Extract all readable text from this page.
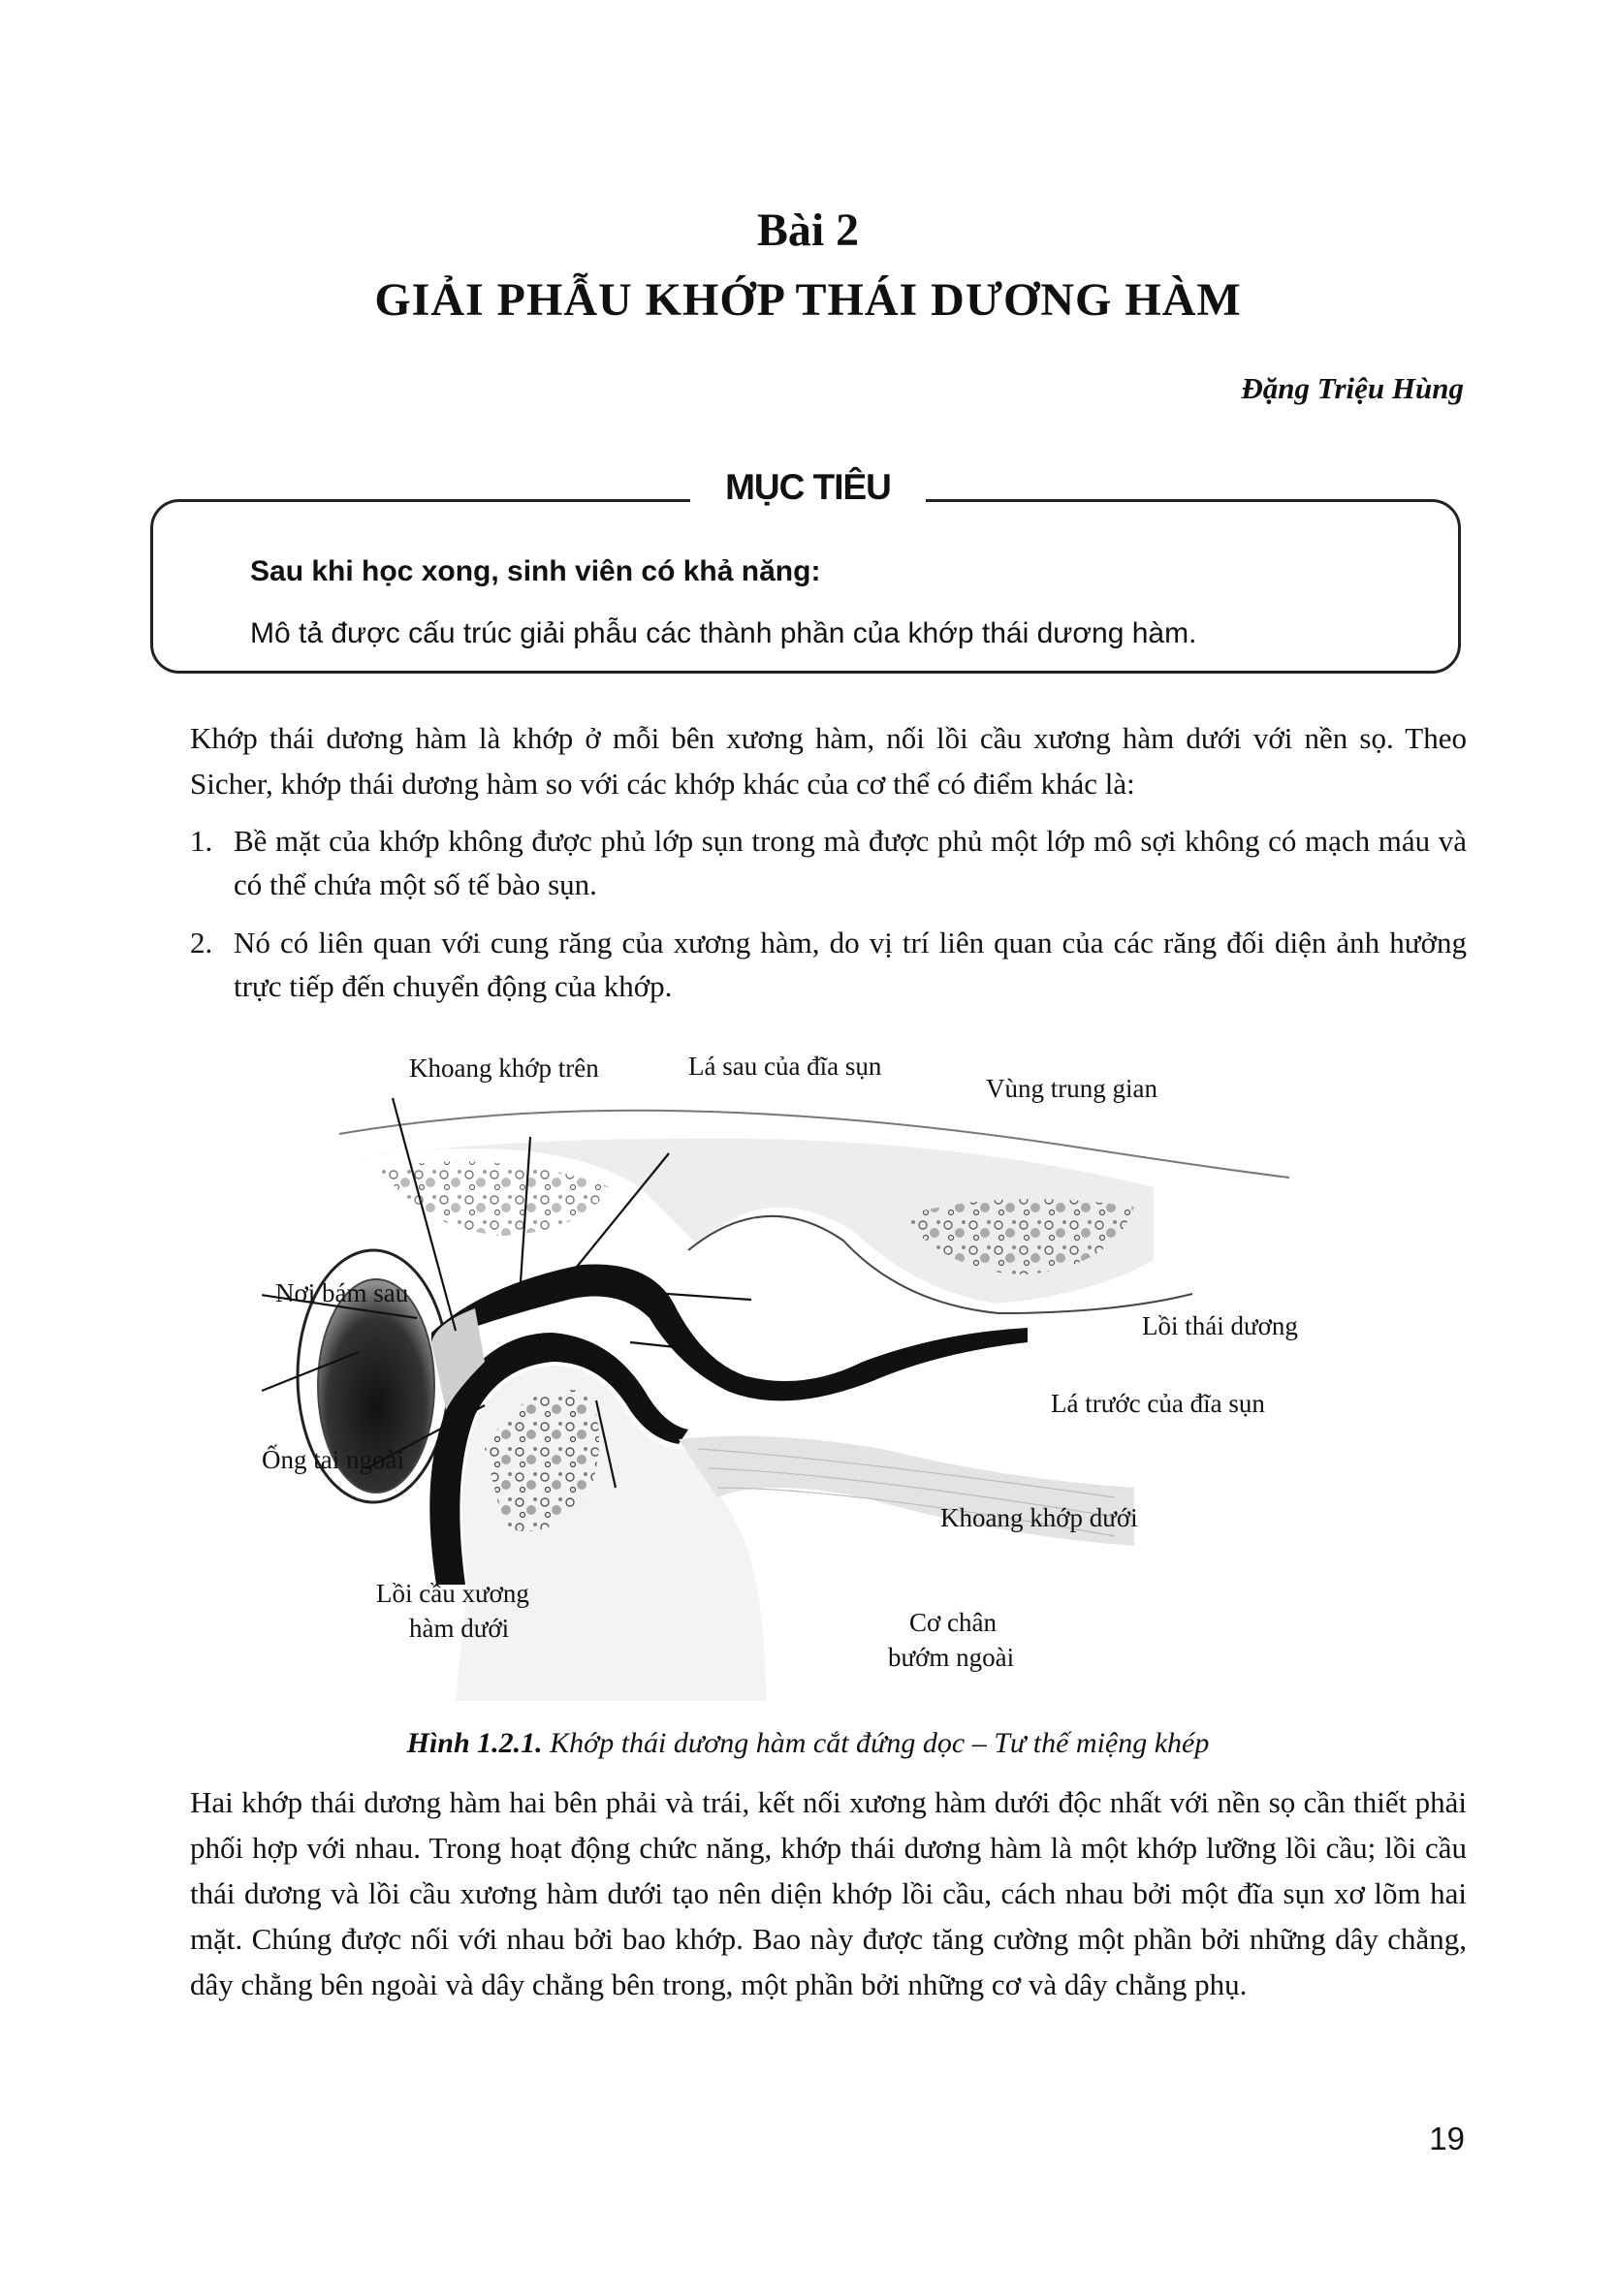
Bài 2
GIẢI PHẪU KHỚP THÁI DƯƠNG HÀM
Đặng Triệu Hùng
MỤC TIÊU
Sau khi học xong, sinh viên có khả năng:
Mô tả được cấu trúc giải phẫu các thành phần của khớp thái dương hàm.
Khớp thái dương hàm là khớp ở mỗi bên xương hàm, nối lồi cầu xương hàm dưới với nền sọ. Theo Sicher, khớp thái dương hàm so với các khớp khác của cơ thể có điểm khác là:
1. Bề mặt của khớp không được phủ lớp sụn trong mà được phủ một lớp mô sợi không có mạch máu và có thể chứa một số tế bào sụn.
2. Nó có liên quan với cung răng của xương hàm, do vị trí liên quan của các răng đối diện ảnh hưởng trực tiếp đến chuyển động của khớp.
Khoang khớp trên	Lá sau của đĩa sụn
Vùng trung gian
Nơi bám sau
Lồi thái dương
Lá trước của đĩa sụn
Ống tai ngoài
Khoang khớp dưới
Lồi cầu xương
hàm dưới	Cơ chân
bướm ngoài
Hình 1.2.1. Khớp thái dương hàm cắt đứng dọc – Tư thế miệng khép
Hai khớp thái dương hàm hai bên phải và trái, kết nối xương hàm dưới độc nhất với nền sọ cần thiết phải phối hợp với nhau. Trong hoạt động chức năng, khớp thái dương hàm là một khớp lưỡng lồi cầu; lồi cầu thái dương và lồi cầu xương hàm dưới tạo nên diện khớp lồi cầu, cách nhau bởi một đĩa sụn xơ lõm hai mặt. Chúng được nối với nhau bởi bao khớp. Bao này được tăng cường một phần bởi những dây chằng, dây chằng bên ngoài và dây chằng bên trong, một phần bởi những cơ và dây chằng phụ.
19
